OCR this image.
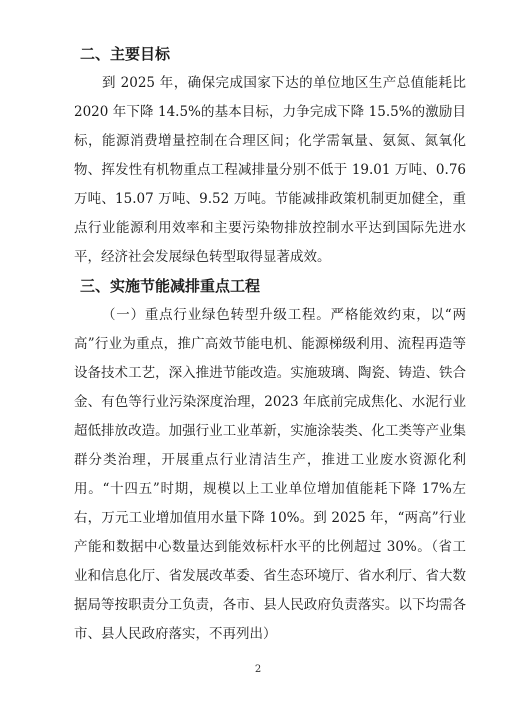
二、主要目标

到 2025 年，确保完成国家下达的单位地区生产总值能耗比 2020 年下降 14.5%的基本目标，力争完成下降 15.5%的激励目标，能源消费增量控制在合理区间；化学需氧量、氨氮、氮氧化物、挥发性有机物重点工程减排量分别不低于 19.01 万吨、0.76 万吨、15.07 万吨、9.52 万吨。节能减排政策机制更加健全，重点行业能源利用效率和主要污染物排放控制水平达到国际先进水平，经济社会发展绿色转型取得显著成效。

三、实施节能减排重点工程

（一）重点行业绿色转型升级工程。严格能效约束，以“两高”行业为重点，推广高效节能电机、能源梯级利用、流程再造等设备技术工艺，深入推进节能改造。实施玻璃、陶瓷、铸造、铁合金、有色等行业污染深度治理，2023 年底前完成焦化、水泥行业超低排放改造。加强行业工业革新，实施涂装类、化工类等产业集群分类治理，开展重点行业清洁生产，推进工业废水资源化利用。“十四五”时期，规模以上工业单位增加值能耗下降 17%左右，万元工业增加值用水量下降 10%。到 2025 年，“两高”行业产能和数据中心数量达到能效标杆水平的比例超过 30%。（省工业和信息化厅、省发展改革委、省生态环境厅、省水利厅、省大数据局等按职责分工负责，各市、县人民政府负责落实。以下均需各市、县人民政府落实，不再列出）

2
